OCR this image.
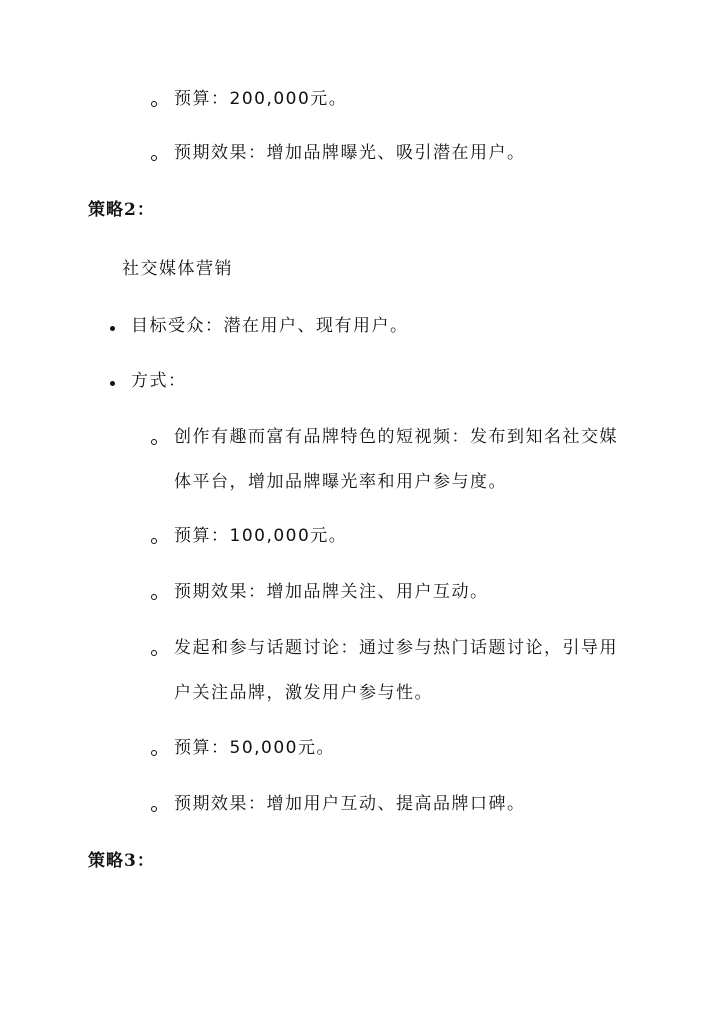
预算：200,000元。
预期效果：增加品牌曝光、吸引潜在用户。
策略2：
社交媒体营销
目标受众：潜在用户、现有用户。
方式：
创作有趣而富有品牌特色的短视频：发布到知名社交媒
体平台，增加品牌曝光率和用户参与度。
预算：100,000元。
预期效果：增加品牌关注、用户互动。
发起和参与话题讨论：通过参与热门话题讨论，引导用
户关注品牌，激发用户参与性。
预算：50,000元。
预期效果：增加用户互动、提高品牌口碑。
策略3：
